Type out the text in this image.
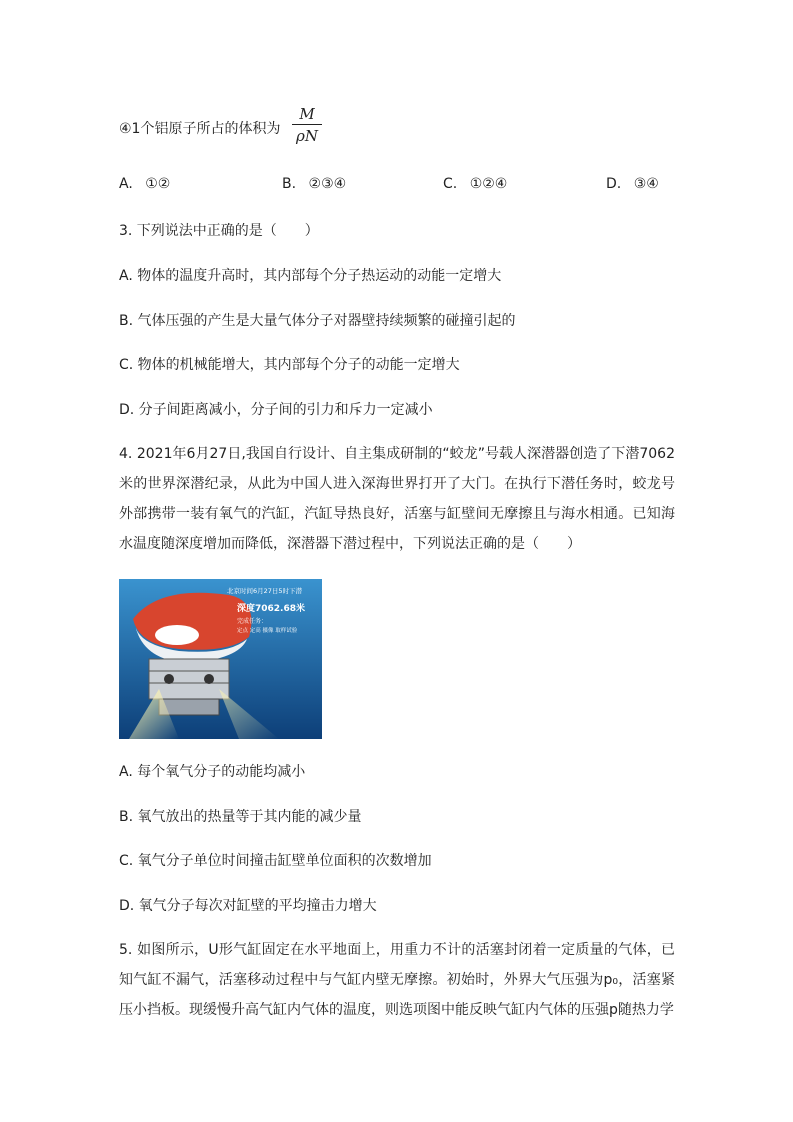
④1个铝原子所占的体积为 $\frac{M}{\rho N}$
A. ①②	B. ②③④	C. ①②④	D. ③④
3. 下列说法中正确的是（　　）
A. 物体的温度升高时，其内部每个分子热运动的动能一定增大
B. 气体压强的产生是大量气体分子对器壁持续频繁的碰撞引起的
C. 物体的机械能增大，其内部每个分子的动能一定增大
D. 分子间距离减小，分子间的引力和斥力一定减小
4. 2021年6月27日,我国自行设计、自主集成研制的“蛟龙”号载人深潜器创造了下潜7062米的世界深潜纪录，从此为中国人进入深海世界打开了大门。在执行下潜任务时，蛟龙号外部携带一装有氧气的汽缸，汽缸导热良好，活塞与缸壁间无摩擦且与海水相通。已知海水温度随深度增加而降低，深潜器下潜过程中，下列说法正确的是（　　）
北京时间6月27日5时下潜
深度7062.68米
完成任务：
定点 定高 摄像 取样试验
A. 每个氧气分子的动能均减小
B. 氧气放出的热量等于其内能的减少量
C. 氧气分子单位时间撞击缸壁单位面积的次数增加
D. 氧气分子每次对缸壁的平均撞击力增大
5. 如图所示，U形气缸固定在水平地面上，用重力不计的活塞封闭着一定质量的气体，已知气缸不漏气，活塞移动过程中与气缸内壁无摩擦。初始时，外界大气压强为p₀，活塞紧压小挡板。现缓慢升高气缸内气体的温度，则选项图中能反映气缸内气体的压强p随热力学
